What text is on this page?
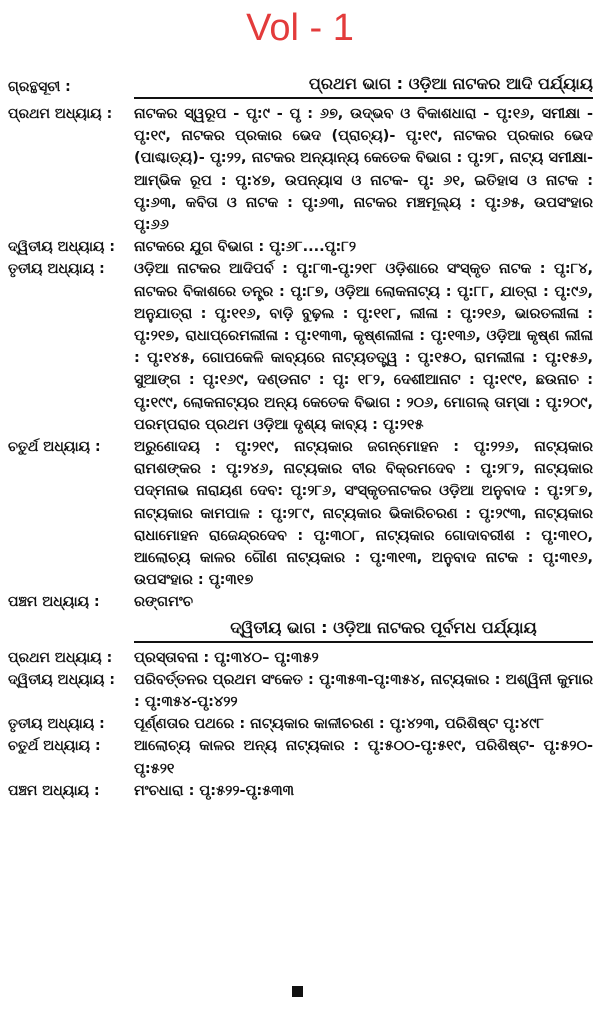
Vol - 1
ଗ୍ରନ୍ଥସୂଚୀ :	ପ୍ରଥମ ଭାଗ : ଓଡ଼ିଆ ନାଟକର ଆଦି ପର୍ଯ୍ୟାୟ
ପ୍ରଥମ ଅଧ୍ୟାୟ :	ନାଟକର ସ୍ୱରୂପ - ପୃ:୯ - ପୃ : ୬୭, ଉଦ୍‌ଭବ ଓ ବିକାଶଧାରା - ପୃ:୧୬, ସମୀକ୍ଷା - ପୃ:୧୯, ନାଟକର ପ୍ରକାର ଭେଦ (ପ୍ରାଚ୍ୟ)- ପୃ:୧୯, ନାଟକର ପ୍ରକାର ଭେଦ (ପାଶ୍ଚାତ୍ୟ)- ପୃ:୨୨, ନାଟକର ଅନ୍ୟାନ୍ୟ କେତେକ ବିଭାଗ : ପୃ:୨୮, ନାଟ୍ୟ ସମୀକ୍ଷା- ଆମ୍ଭିକ ରୂପ : ପୃ:୪୭, ଉପନ୍ୟାସ ଓ ନାଟକ- ପୃ: ୬୧, ଇତିହାସ ଓ ନାଟକ : ପୃ:୬୩, କବିତା ଓ ନାଟକ : ପୃ:୬୩, ନାଟକର ମଞ୍ଚମୂଲ୍ୟ : ପୃ:୬୫, ଉପସଂହାର ପୃ:୬୬
ଦ୍ୱିତୀୟ ଅଧ୍ୟାୟ :	ନାଟକରେ ଯୁଗ ବିଭାଗ : ପୃ:୬୮....ପୃ:୮୨
ତୃତୀୟ ଅଧ୍ୟାୟ :	ଓଡ଼ିଆ ନାଟକର ଆଦିପର୍ବ : ପୃ:୮୩-ପୃ:୨୧୮ ଓଡ଼ିଶାରେ ସଂସ୍କୃତ ନାଟକ : ପୃ:୮୪, ନାଟକର ବିକାଶରେ ତନ୍ତ୍ର : ପୃ:୮୭, ଓଡ଼ିଆ ଲୋକନାଟ୍ୟ : ପୃ:୮୮, ଯାତ୍ରା : ପୃ:୯୬, ଅନୁଯାତ୍ରା : ପୃ:୧୧୬, ବାଡ଼ି ବୁଢ଼ଲ : ପୃ:୧୧୮, ଲୀଳା : ପୃ:୨୧୬, ଭାରତଲୀଳା : ପୃ:୨୧୭, ରାଧାପ୍ରେମଲୀଳା : ପୃ:୧୩୩, କୃଷ୍ଣଲୀଳା : ପୃ:୧୩୬, ଓଡ଼ିଆ କୃଷ୍ଣ ଲୀଳା : ପୃ:୧୪୫, ଗୋପକେଳି କାବ୍ୟରେ ନାଟ୍ୟତତ୍ତ୍ୱ : ପୃ:୧୫୦, ରାମଲୀଳା : ପୃ:୧୫୬, ସୁଆଙ୍ଗ : ପୃ:୧୬୯, ଦଣ୍ଡନାଟ : ପୃ: ୧୮୨, ଦେଶୀଆନାଟ : ପୃ:୧୯୧, ଛଉନାଚ : ପୃ:୧୯୯, ଲୋକନାଟ୍ୟର ଅନ୍ୟ କେତେକ ବିଭାଗ : ୨୦୬, ମୋଗଲ୍ ତାମ୍‌ସା : ପୃ:୨୦୯, ପରମ୍ପରାର ପ୍ରଥମ ଓଡ଼ିଆ ଦୃଶ୍ୟ କାବ୍ୟ : ପୃ:୨୧୫
ଚତୁର୍ଥ ଅଧ୍ୟାୟ :	ଅରୁଣୋଦୟ : ପୃ:୨୧୯, ନାଟ୍ୟକାର ଜଗନ୍ମୋହନ : ପୃ:୨୨୬, ନାଟ୍ୟକାର ରାମଶଙ୍କର : ପୃ:୨୪୬, ନାଟ୍ୟକାର ବୀର ବିକ୍ରମଦେବ : ପୃ:୨୮୨, ନାଟ୍ୟକାର ପଦ୍ମନାଭ ନାରାୟଣ ଦେବ: ପୃ:୨୮୬, ସଂସ୍କୃତନାଟକର ଓଡ଼ିଆ ଅନୁବାଦ : ପୃ:୨୮୭, ନାଟ୍ୟକାର କାମପାଳ : ପୃ:୨୮୯, ନାଟ୍ୟକାର ଭିକାରିଚରଣ : ପୃ:୨୯୩, ନାଟ୍ୟକାର ରାଧାମୋହନ ରାଜେନ୍ଦ୍ରଦେବ : ପୃ:୩୦୮, ନାଟ୍ୟକାର ଗୋଦାବରୀଶ : ପୃ:୩୧୦, ଆଲୋଚ୍ୟ କାଳର ଗୌଣ ନାଟ୍ୟକାର : ପୃ:୩୧୩, ଅନୁବାଦ ନାଟକ : ପୃ:୩୧୬, ଉପସଂହାର : ପୃ:୩୧୭
ପଞ୍ଚମ ଅଧ୍ୟାୟ :	ରଙ୍ଗମଂଚ
ଦ୍ୱିତୀୟ ଭାଗ : ଓଡ଼ିଆ ନାଟକର ପୂର୍ବମଧ ପର୍ଯ୍ୟାୟ
ପ୍ରଥମ ଅଧ୍ୟାୟ :	ପ୍ରସ୍ତାବନା : ପୃ:୩୪୦– ପୃ:୩୫୨
ଦ୍ୱିତୀୟ ଅଧ୍ୟାୟ :	ପରିବର୍ତ୍ତନର ପ୍ରଥମ ସଂକେତ : ପୃ:୩୫୩-ପୃ:୩୫୪, ନାଟ୍ୟକାର : ଅଶ୍ୱିନୀ କୁମାର : ପୃ:୩୫୪-ପୃ:୪୨୨
ତୃତୀୟ ଅଧ୍ୟାୟ :	ପୂର୍ଣ୍ଣତାର ପଥରେ : ନାଟ୍ୟକାର କାଳୀଚରଣ : ପୃ:୪୨୩, ପରିଶିଷ୍ଟ ପୃ:୪୯୮
ଚତୁର୍ଥ ଅଧ୍ୟାୟ :	ଆଲୋଚ୍ୟ କାଳର ଅନ୍ୟ ନାଟ୍ୟକାର : ପୃ:୫୦୦-ପୃ:୫୧୯, ପରିଶିଷ୍ଟ- ପୃ:୫୨୦-ପୃ:୫୨୧
ପଞ୍ଚମ ଅଧ୍ୟାୟ :	ମଂଚଧାରା : ପୃ:୫୨୨-ପୃ:୫୩୩
